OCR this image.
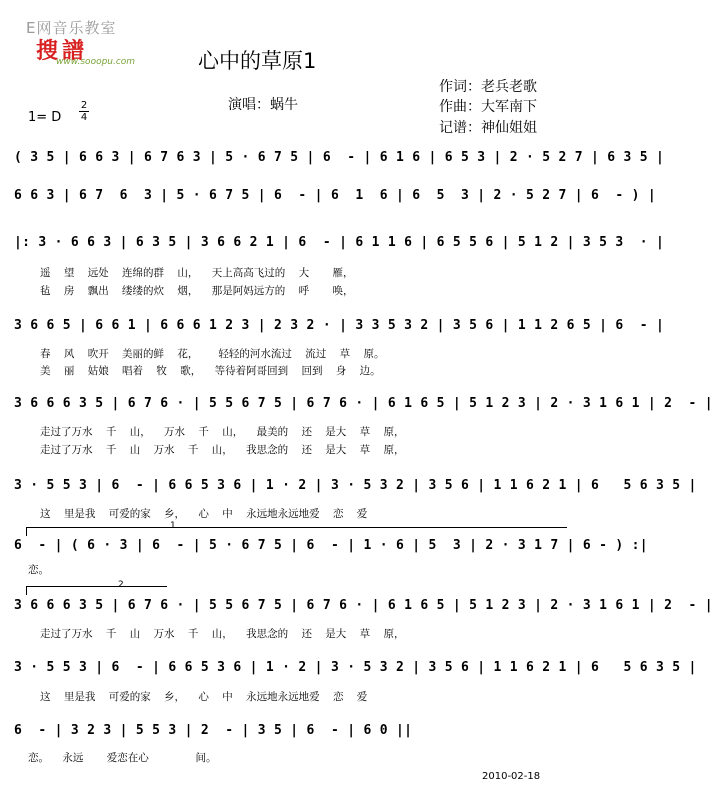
E网音乐教室
搜譜
www.sooopu.com	心中的草原1
作词：老兵老歌
作曲：大军南下
记谱：神仙姐姐
演唱：蜗牛
1= D
2
4
( 3 5 | 6 6 3 | 6 7 6 3 | 5 · 6 7 5 | 6  - | 6 1 6 | 6 5 3 | 2 · 5 2 7 | 6 3 5 |
6 6 3 | 6 7  6  3 | 5 · 6 7 5 | 6  - | 6  1  6 | 6  5  3 | 2 · 5 2 7 | 6  - ) |
|: 3 · 6 6 3 | 6 3 5 | 3 6 6 2 1 | 6  - | 6 1 1 6 | 6 5 5 6 | 5 1 2 | 3 5 3  · |
遥    望    远处    连绵的群    山，    天上高高飞过的    大       雁，
毡    房    飘出    缕缕的炊    烟，    那是阿妈远方的    呼       唤，
3 6 6 5 | 6 6 1 | 6 6 6 1 2 3 | 2 3 2 · | 3 3 5 3 2 | 3 5 6 | 1 1 2 6 5 | 6  - |
春    风    吹开    美丽的鲜    花，      轻轻的河水流过    流过    草    原。
美    丽    姑娘    唱着    牧    歌，    等待着阿哥回到    回到    身    边。
3 6 6 6 3 5 | 6 7 6 · | 5 5 6 7 5 | 6 7 6 · | 6 1 6 5 | 5 1 2 3 | 2 · 3 1 6 1 | 2  - |
走过了万水    千    山，    万水    千    山，    最美的    还    是大    草    原，
走过了万水    千    山    万水    千    山，    我思念的    还    是大    草    原，
3 · 5 5 3 | 6  - | 6 6 5 3 6 | 1 · 2 | 3 · 5 3 2 | 3 5 6 | 1 1 6 2 1 | 6   5 6 3 5 |
这    里是我    可爱的家    乡，    心    中    永远地永远地爱    恋    爱
1
6  - | ( 6 · 3 | 6  - | 5 · 6 7 5 | 6  - | 1 · 6 | 5  3 | 2 · 3 1 7 | 6 - ) :|
恋。
2
3 6 6 6 3 5 | 6 7 6 · | 5 5 6 7 5 | 6 7 6 · | 6 1 6 5 | 5 1 2 3 | 2 · 3 1 6 1 | 2  - |
走过了万水    千    山    万水    千    山，    我思念的    还    是大    草    原，
3 · 5 5 3 | 6  - | 6 6 5 3 6 | 1 · 2 | 3 · 5 3 2 | 3 5 6 | 1 1 6 2 1 | 6   5 6 3 5 |
这    里是我    可爱的家    乡，    心    中    永远地永远地爱    恋    爱
6  - | 3 2 3 | 5 5 3 | 2  - | 3 5 | 6  - | 6 0 ||
恋。    永远       爱恋在心              间。
2010-02-18
